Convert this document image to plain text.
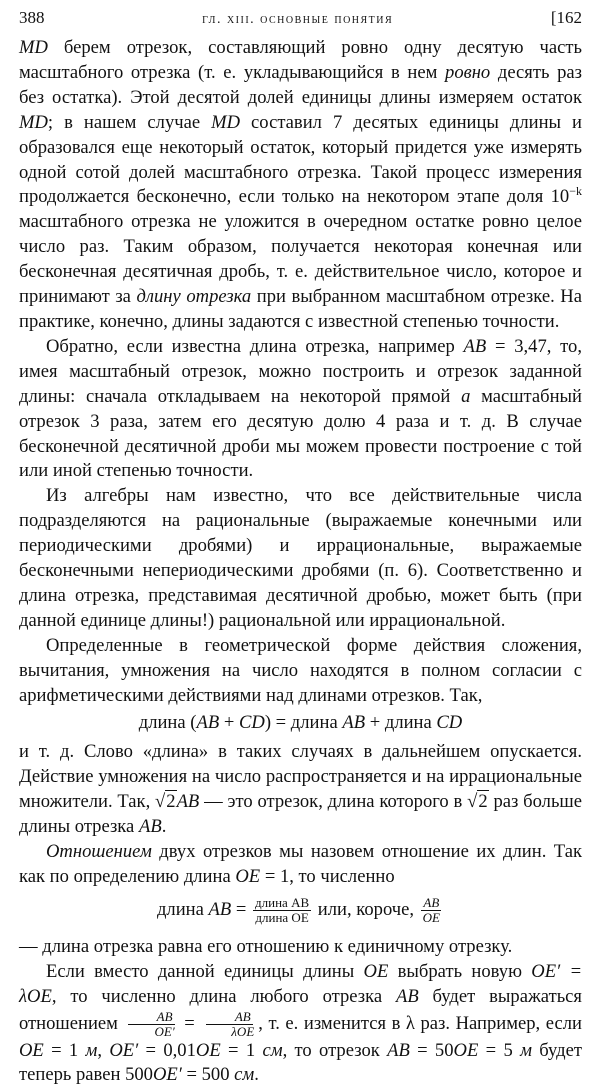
388	гл. xiii. основные понятия	[162

MD берем отрезок, составляющий ровно одну десятую часть масштабного отрезка (т. е. укладывающийся в нем ровно десять раз без остатка). Этой десятой долей единицы длины измеряем остаток MD; в нашем случае MD составил 7 десятых единицы длины и образовался еще некоторый остаток, который придется уже измерять одной сотой долей масштабного отрезка. Такой процесс измерения продолжается бесконечно, если только на некотором этапе доля $10^{-k}$ масштабного отрезка не уложится в очередном остатке ровно целое число раз. Таким образом, получается некоторая конечная или бесконечная десятичная дробь, т. е. действительное число, которое и принимают за длину отрезка при выбранном масштабном отрезке. На практике, конечно, длины задаются с известной степенью точности.

Обратно, если известна длина отрезка, например AB = 3,47, то, имея масштабный отрезок, можно построить и отрезок заданной длины: сначала откладываем на некоторой прямой a масштабный отрезок 3 раза, затем его десятую долю 4 раза и т. д. В случае бесконечной десятичной дроби мы можем провести построение с той или иной степенью точности.

Из алгебры нам известно, что все действительные числа подразделяются на рациональные (выражаемые конечными или периодическими дробями) и иррациональные, выражаемые бесконечными непериодическими дробями (п. 6). Соответственно и длина отрезка, представимая десятичной дробью, может быть (при данной единице длины!) рациональной или иррациональной.

Определенные в геометрической форме действия сложения, вычитания, умножения на число находятся в полном согласии с арифметическими действиями над длинами отрезков. Так,

длина (AB + CD) = длина AB + длина CD

и т. д. Слово «длина» в таких случаях в дальнейшем опускается. Действие умножения на число распространяется и на иррациональные множители. Так, √2AB — это отрезок, длина которого в √2 раз больше длины отрезка AB.

Отношением двух отрезков мы назовем отношение их длин. Так как по определению длина OE = 1, то численно

длина AB = $\frac{\text{длина AB}}{\text{длина OE}}$ или, короче, $\frac{AB}{OE}$

— длина отрезка равна его отношению к единичному отрезку.

Если вместо данной единицы длины OE выбрать новую OE′ = λOE, то численно длина любого отрезка AB будет выражаться отношением $\frac{AB}{OE'} = \frac{AB}{\text{λOE}}$ , т. е. изменится в λ раз. Например, если OE = 1 м, OE′ = 0,01OE = 1 см, то отрезок AB = 50OE = 5 м будет теперь равен 500OE′ = 500 см.
